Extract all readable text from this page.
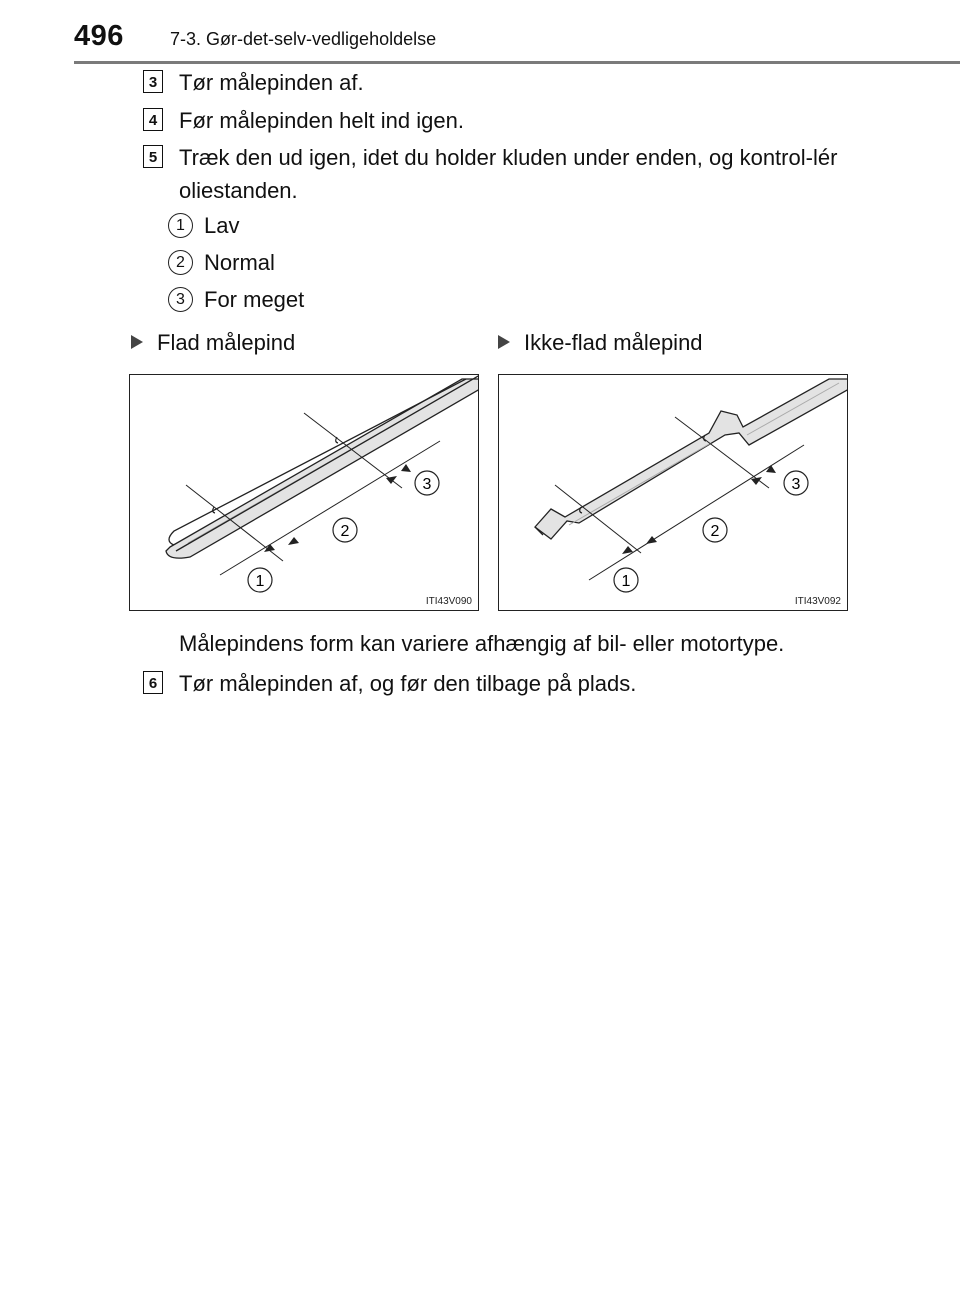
496	7-3. Gør-det-selv-vedligeholdelse
3 Tør målepinden af.
4 Før målepinden helt ind igen.
5 Træk den ud igen, idet du holder kluden under enden, og kontrol-lér oliestanden.
1 Lav
2 Normal
3 For meget
Flad målepind	Ikke-flad målepind
1
2
3
ITI43V090
1
2
3
ITI43V092
Målepindens form kan variere afhængig af bil- eller motortype.
6 Tør målepinden af, og før den tilbage på plads.
